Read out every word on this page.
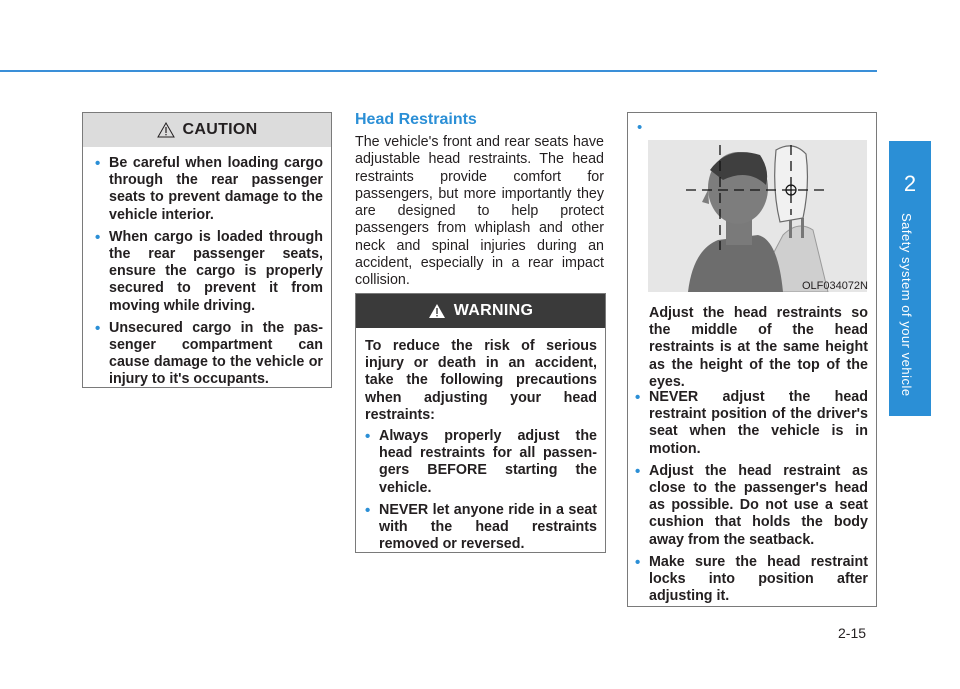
2
Safety system of your vehicle
2-15
CAUTION
• Be careful when loading cargo through the rear passenger seats to prevent damage to the vehicle interior.
• When cargo is loaded through the rear passenger seats, ensure the cargo is properly secured to prevent it from moving while driving.
• Unsecured cargo in the passenger compartment can cause damage to the vehicle or injury to it's occupants.
Head Restraints

The vehicle's front and rear seats have adjustable head restraints. The head restraints provide comfort for passengers, but more importantly they are designed to help protect passengers from whiplash and other neck and spinal injuries during an accident, especially in a rear impact collision.

WARNING

To reduce the risk of serious injury or death in an accident, take the following precautions when adjusting your head restraints:

• Always properly adjust the head restraints for all passengers BEFORE starting the vehicle.
• NEVER let anyone ride in a seat with the head restraints removed or reversed.
•
OLF034072N

Adjust the head restraints so the middle of the head restraints is at the same height as the height of the top of the eyes.

• NEVER adjust the head restraint position of the driver's seat when the vehicle is in motion.
• Adjust the head restraint as close to the passenger's head as possible. Do not use a seat cushion that holds the body away from the seatback.
• Make sure the head restraint locks into position after adjusting it.
